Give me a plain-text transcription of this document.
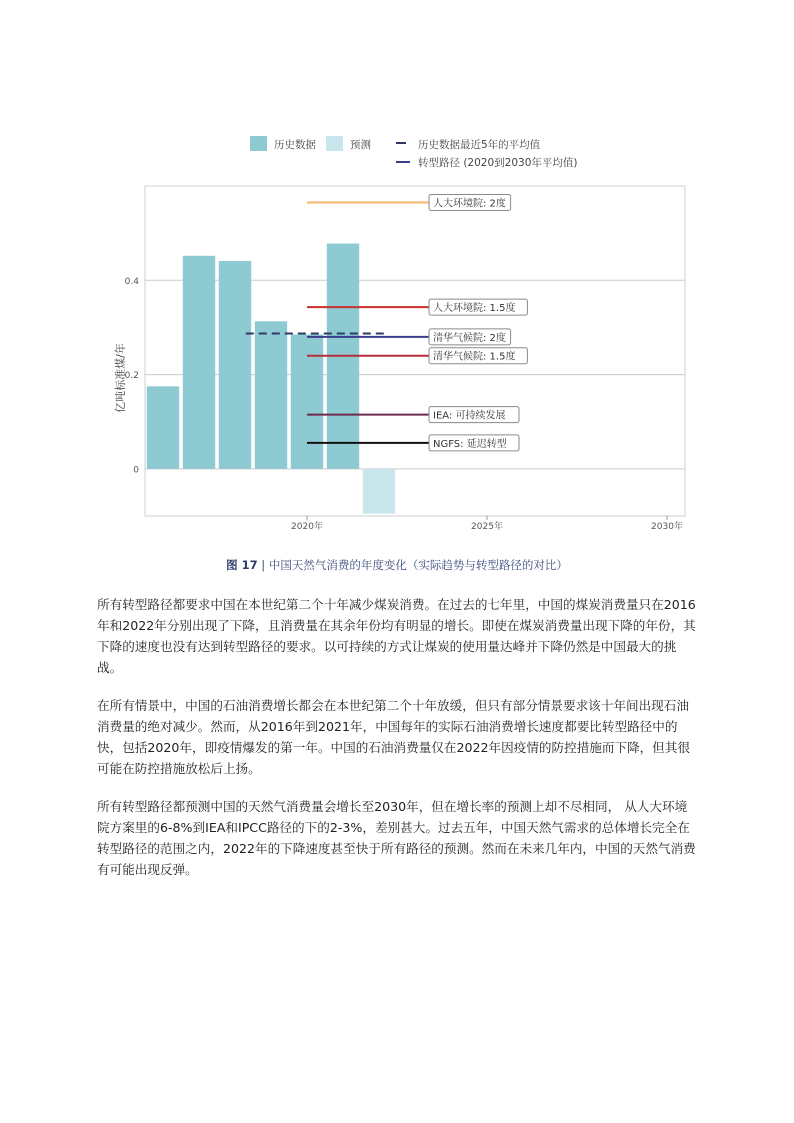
历史数据	预测	历史数据最近5年的平均值
转型路径 (2020到2030年平均值)
人大环境院: 2度
人大环境院: 1.5度
清华气候院: 2度
清华气候院: 1.5度
IEA: 可持续发展
NGFS: 延迟转型
0
0.2
0.4
2020年	2025年	2030年
亿吨标准煤/年
图 17 | 中国天然气消费的年度变化（实际趋势与转型路径的对比）

所有转型路径都要求中国在本世纪第二个十年减少煤炭消费。在过去的七年里，中国的煤炭消费量只在2016年和2022年分别出现了下降，且消费量在其余年份均有明显的增长。即使在煤炭消费量出现下降的年份，其下降的速度也没有达到转型路径的要求。以可持续的方式让煤炭的使用量达峰并下降仍然是中国最大的挑战。

在所有情景中，中国的石油消费增长都会在本世纪第二个十年放缓，但只有部分情景要求该十年间出现石油消费量的绝对减少。然而，从2016年到2021年，中国每年的实际石油消费增长速度都要比转型路径中的快，包括2020年，即疫情爆发的第一年。中国的石油消费量仅在2022年因疫情的防控措施而下降，但其很可能在防控措施放松后上扬。

所有转型路径都预测中国的天然气消费量会增长至2030年，但在增长率的预测上却不尽相同， 从人大环境院方案里的6-8%到IEA和IPCC路径的下的2-3%，差别甚大。过去五年，中国天然气需求的总体增长完全在转型路径的范围之内，2022年的下降速度甚至快于所有路径的预测。然而在未来几年内，中国的天然气消费有可能出现反弹。
